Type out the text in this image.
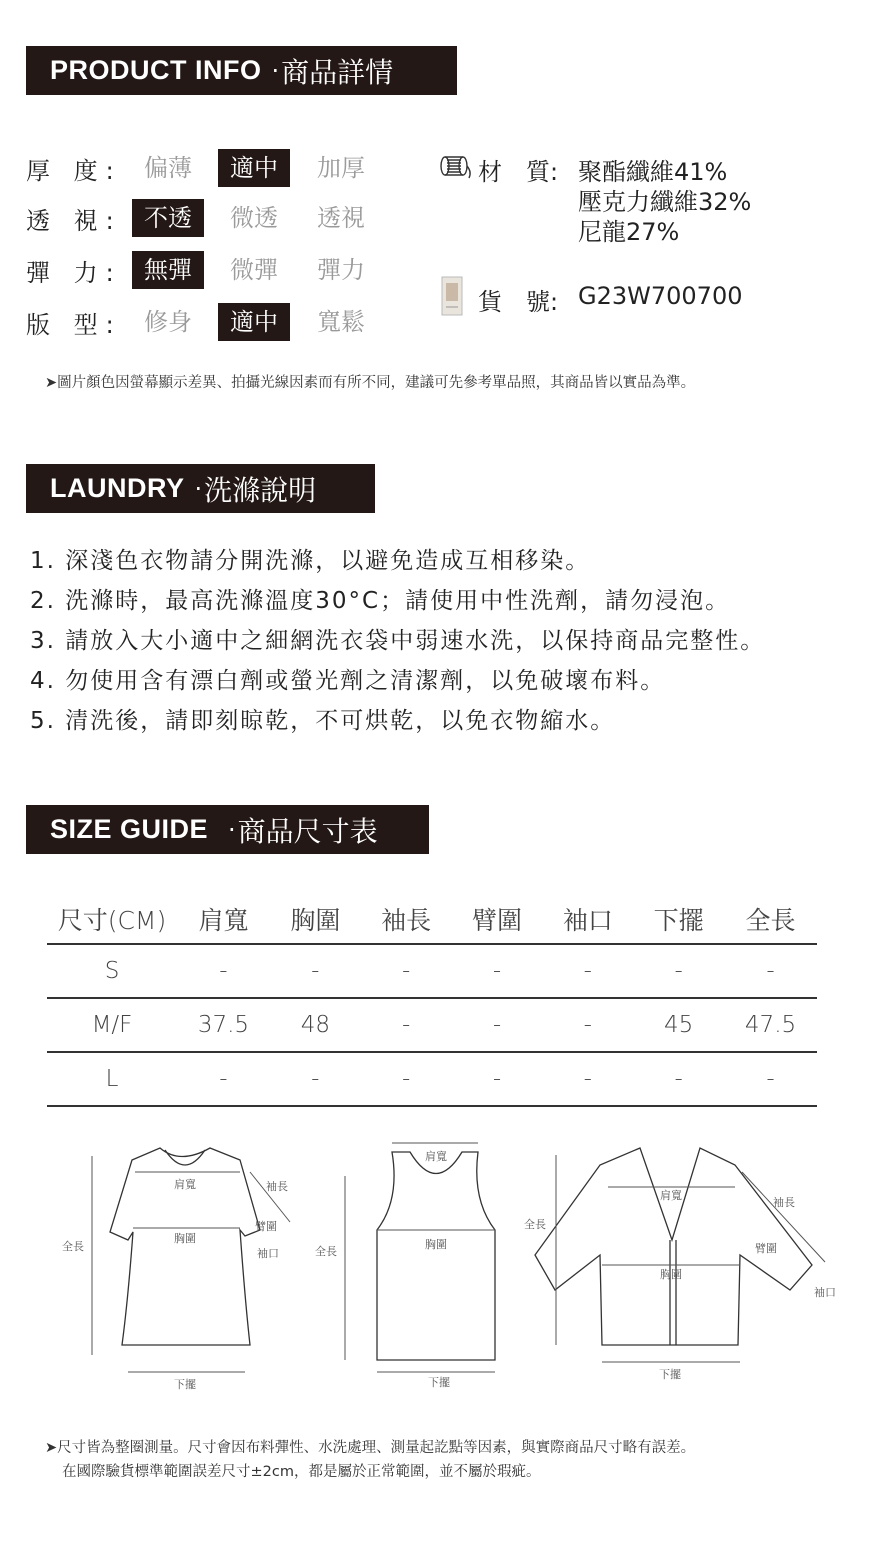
PRODUCT INFO · 商品詳情
厚 度: 偏薄	適中	加厚
透 視: 不透	微透	透視
彈 力: 無彈	微彈	彈力
版 型: 修身	適中	寬鬆
材　質: 聚酯纖維41%
壓克力纖維32%
尼龍27%
貨　號: G23W700700
➤圖片顏色因螢幕顯示差異、拍攝光線因素而有所不同，建議可先參考單品照，其商品皆以實品為準。
LAUNDRY · 洗滌說明
1. 深淺色衣物請分開洗滌，以避免造成互相移染。
2. 洗滌時，最高洗滌溫度30°C；請使用中性洗劑，請勿浸泡。
3. 請放入大小適中之細網洗衣袋中弱速水洗，以保持商品完整性。
4. 勿使用含有漂白劑或螢光劑之清潔劑，以免破壞布料。
5. 清洗後，請即刻晾乾，不可烘乾，以免衣物縮水。
SIZE GUIDE · 商品尺寸表
尺寸(CM)	肩寬	胸圍	袖長	臂圍	袖口	下擺	全長
S	-	-	-	-	-	-	-
M/F	37.5	48	-	-	-	45	47.5
L	-	-	-	-	-	-	-
全長
肩寬
胸圍
下擺
袖長
臂圍
袖口	全長
肩寬
胸圍
下擺
全長
肩寬
袖長
臂圍
胸圍
袖口
下擺
➤尺寸皆為整圈測量。尺寸會因布料彈性、水洗處理、測量起訖點等因素，與實際商品尺寸略有誤差。
在國際驗貨標準範圍誤差尺寸±2cm，都是屬於正常範圍，並不屬於瑕疵。
